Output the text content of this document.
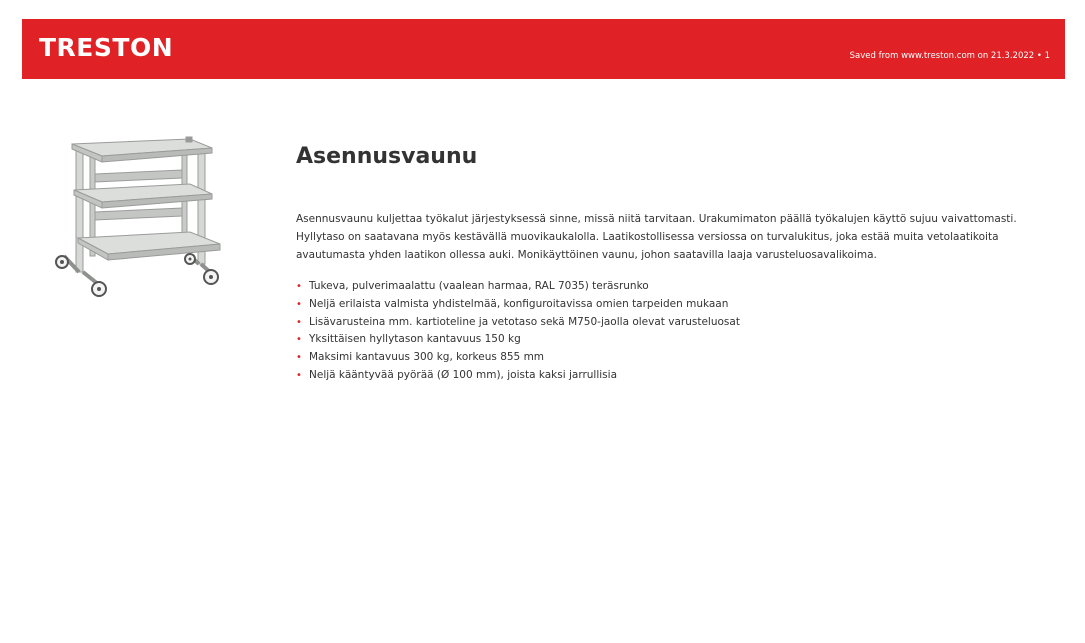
TRESTON	Saved from www.treston.com on 21.3.2022 • 1
Asennusvaunu

Asennusvaunu kuljettaa työkalut järjestyksessä sinne, missä niitä tarvitaan. Urakumimaton päällä työkalujen käyttö sujuu vaivattomasti. Hyllytaso on saatavana myös kestävällä muovikaukalolla. Laatikostollisessa versiossa on turvalukitus, joka estää muita vetolaatikoita avautumasta yhden laatikon ollessa auki. Monikäyttöinen vaunu, johon saatavilla laaja varusteluosavalikoima.

• Tukeva, pulverimaalattu (vaalean harmaa, RAL 7035) teräsrunko
• Neljä erilaista valmista yhdistelmää, konfiguroitavissa omien tarpeiden mukaan
• Lisävarusteina mm. kartioteline ja vetotaso sekä M750-jaolla olevat varusteluosat
• Yksittäisen hyllytason kantavuus 150 kg
• Maksimi kantavuus 300 kg, korkeus 855 mm
• Neljä kääntyvää pyörää (Ø 100 mm), joista kaksi jarrullisia
